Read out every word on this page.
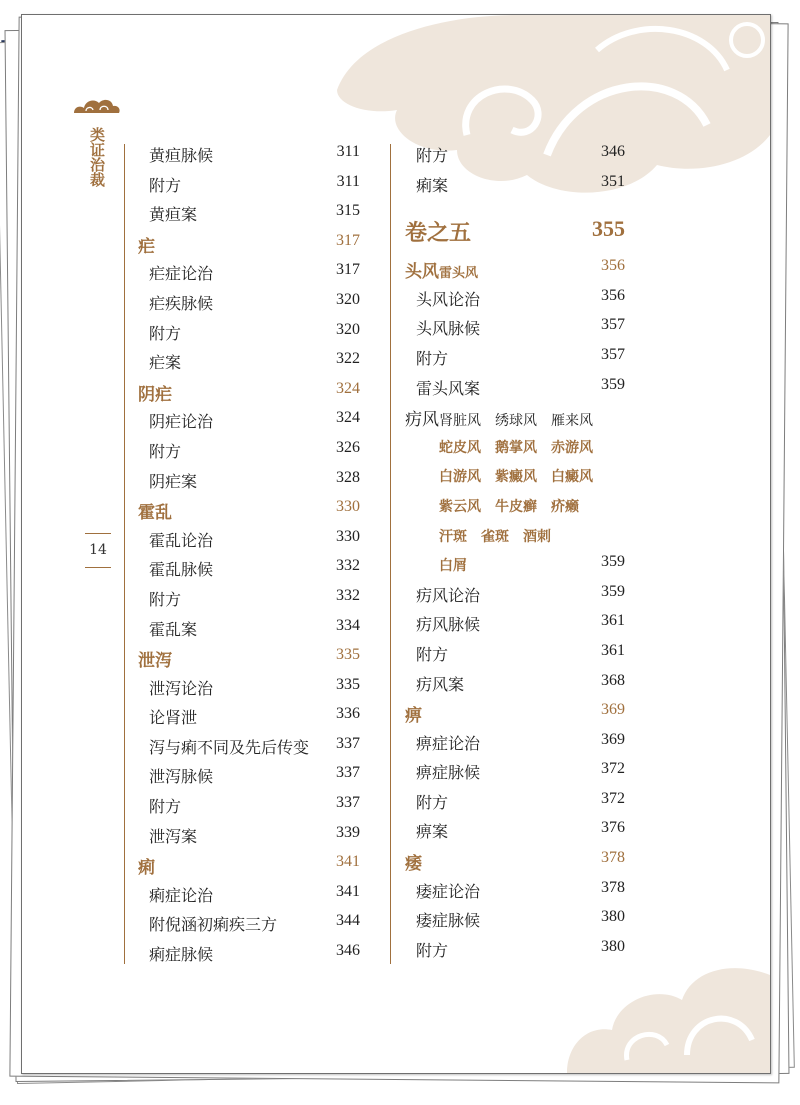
类证治裁
14
黄疸脉候	311
附方	311
黄疸案	315
疟	317
疟症论治	317
疟疾脉候	320
附方	320
疟案	322
阴疟	324
阴疟论治	324
附方	326
阴疟案	328
霍乱	330
霍乱论治	330
霍乱脉候	332
附方	332
霍乱案	334
泄泻	335
泄泻论治	335
论肾泄	336
泻与痢不同及先后传变 337
泄泻脉候	337
附方	337
泄泻案	339
痢	341
痢症论治	341
附倪涵初痢疾三方	344
痢症脉候	346
附方	346
痢案	351
卷之五	355
头风雷头风	356
头风论治	356
头风脉候	357
附方	357
雷头风案	359
疠风肾脏风　绣球风　雁来风
蛇皮风　鹅掌风　赤游风
白游风　紫癜风　白癜风
紫云风　牛皮癣　疥癞
汗斑　雀斑　酒刺
白屑	359
疠风论治	359
疠风脉候	361
附方	361
疠风案	368
痹	369
痹症论治	369
痹症脉候	372
附方	372
痹案	376
痿	378
痿症论治	378
痿症脉候	380
附方	380
